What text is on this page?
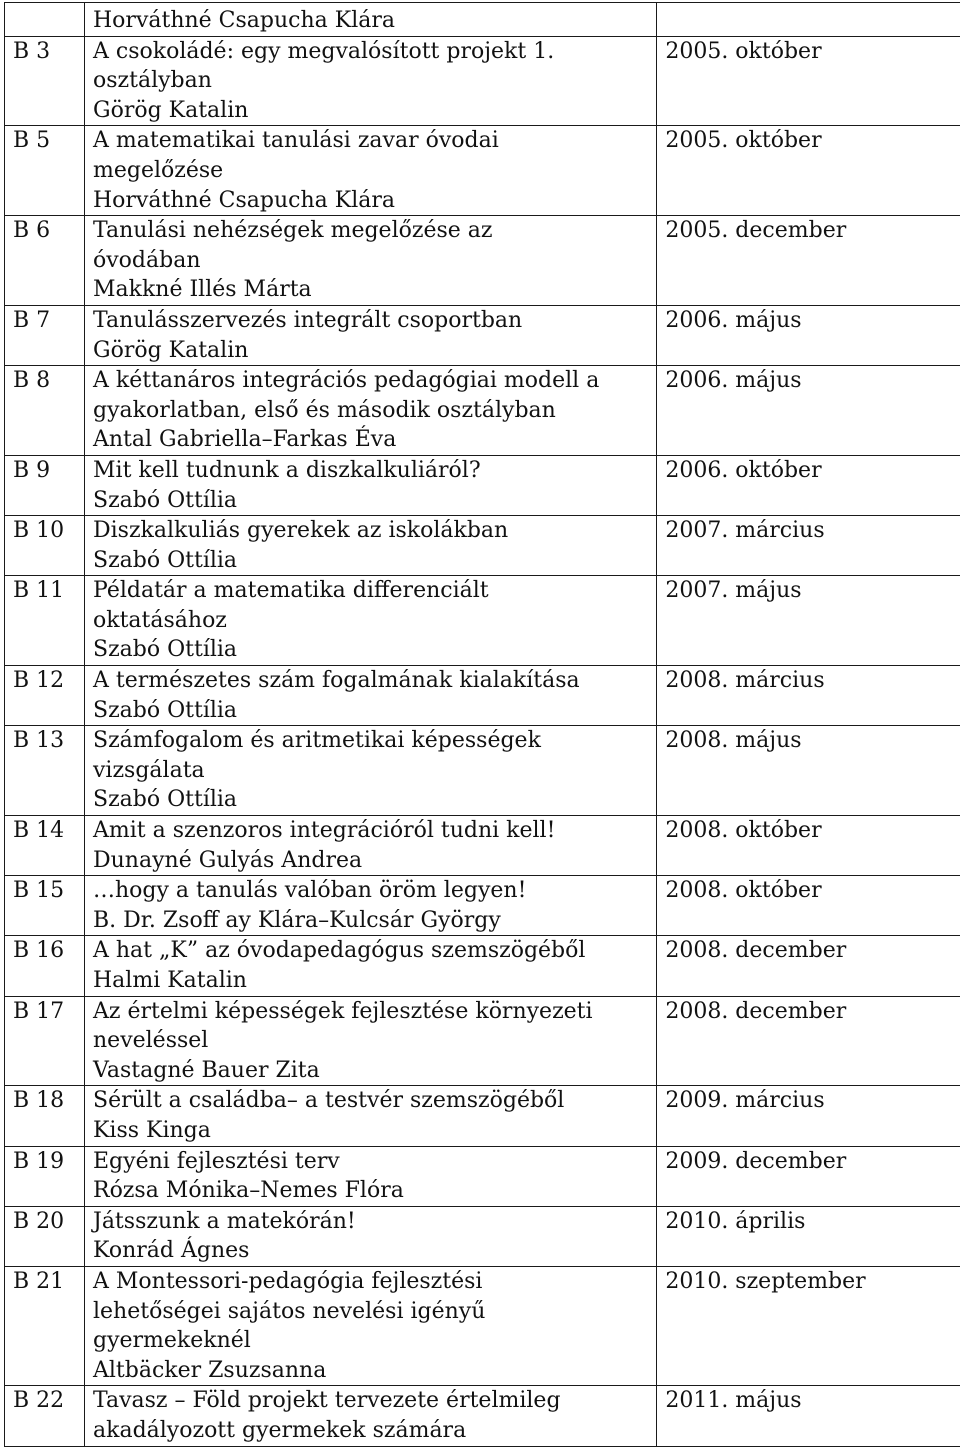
	Horváthné Csapucha Klára	

B 3	A csokoládé: egy megvalósított projekt 1.
osztályban
Görög Katalin	2005. október
B 5	A matematikai tanulási zavar óvodai
megelőzése
Horváthné Csapucha Klára	2005. október
B 6	Tanulási nehézségek megelőzése az
óvodában
Makkné Illés Márta	2005. december
B 7	Tanulásszervezés integrált csoportban
Görög Katalin	2006. május
B 8	A kéttanáros integrációs pedagógiai modell a
gyakorlatban, első és második osztályban
Antal Gabriella–Farkas Éva	2006. május
B 9	Mit kell tudnunk a diszkalkuliáról?
Szabó Ottília	2006. október
B 10	Diszkalkuliás gyerekek az iskolákban
Szabó Ottília	2007. március
B 11	Példatár a matematika differenciált
oktatásához
Szabó Ottília	2007. május
B 12	A természetes szám fogalmának kialakítása
Szabó Ottília	2008. március
B 13	Számfogalom és aritmetikai képességek
vizsgálata
Szabó Ottília	2008. május
B 14	Amit a szenzoros integrációról tudni kell!
Dunayné Gulyás Andrea	2008. október
B 15	…hogy a tanulás valóban öröm legyen!
B. Dr. Zsoff ay Klára–Kulcsár György	2008. október
B 16	A hat „K” az óvodapedagógus szemszögéből
Halmi Katalin	2008. december
B 17	Az értelmi képességek fejlesztése környezeti
neveléssel
Vastagné Bauer Zita	2008. december
B 18	Sérült a családba– a testvér szemszögéből
Kiss Kinga	2009. március
B 19	Egyéni fejlesztési terv
Rózsa Mónika–Nemes Flóra	2009. december
B 20	Játsszunk a matekórán!
Konrád Ágnes	2010. április
B 21	A Montessori-pedagógia fejlesztési
lehetőségei sajátos nevelési igényű
gyermekeknél
Altbäcker Zsuzsanna	2010. szeptember
B 22	Tavasz – Föld projekt tervezete értelmileg
akadályozott gyermekek számára	2011. május
